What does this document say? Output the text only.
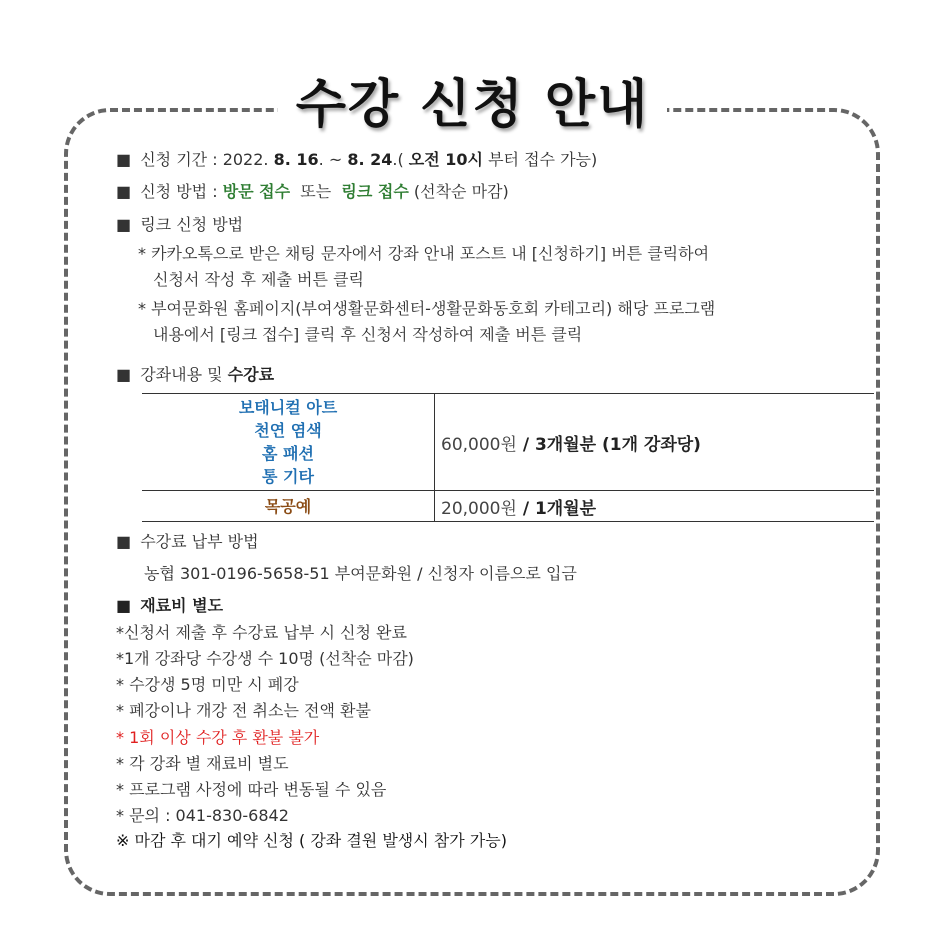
수강 신청 안내
■ 신청 기간 : 2022. 8. 16. ~ 8. 24.( 오전 10시 부터 접수 가능)
■ 신청 방법 : 방문 접수  또는  링크 접수 (선착순 마감)
■ 링크 신청 방법
* 카카오톡으로 받은 채팅 문자에서 강좌 안내 포스트 내 [신청하기] 버튼 클릭하여
신청서 작성 후 제출 버튼 클릭
* 부여문화원 홈페이지(부여생활문화센터-생활문화동호회 카테고리) 해당 프로그램
내용에서 [링크 접수] 클릭 후 신청서 작성하여 제출 버튼 클릭
■ 강좌내용 및 수강료
보태니컬 아트
천연 염색
홈 패션
통 기타	60,000원 / 3개월분 (1개 강좌당)

목공예	20,000원 / 1개월분
■ 수강료 납부 방법
농협 301-0196-5658-51 부여문화원 / 신청자 이름으로 입금
■ 재료비 별도
*신청서 제출 후 수강료 납부 시 신청 완료
*1개 강좌당 수강생 수 10명 (선착순 마감)
* 수강생 5명 미만 시 폐강
* 폐강이나 개강 전 취소는 전액 환불
* 1회 이상 수강 후 환불 불가
* 각 강좌 별 재료비 별도
* 프로그램 사정에 따라 변동될 수 있음
* 문의 : 041-830-6842
※ 마감 후 대기 예약 신청 ( 강좌 결원 발생시 참가 가능)
